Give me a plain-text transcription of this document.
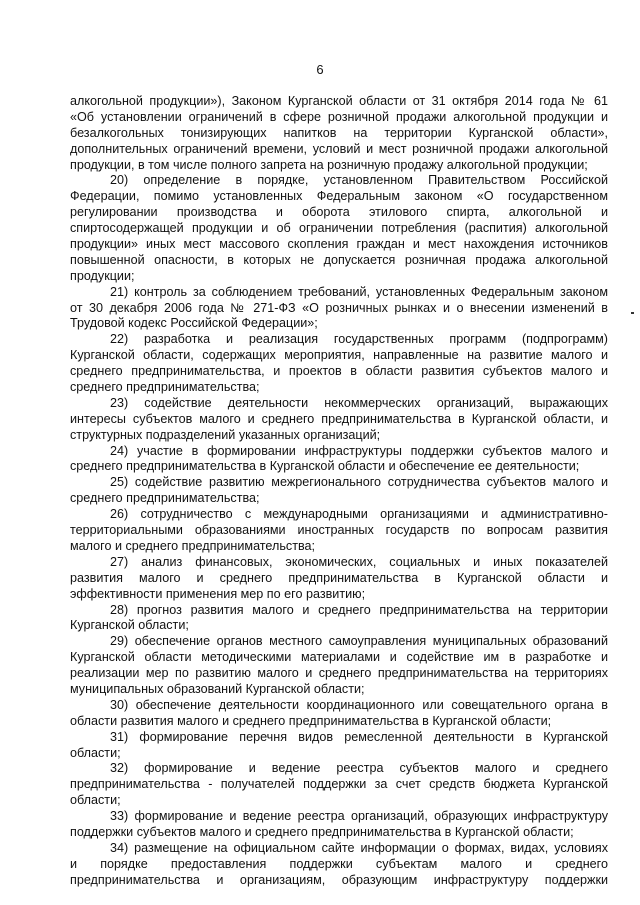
6
алкогольной продукции»), Законом Курганской области от 31 октября 2014 года № 61
«Об установлении ограничений в сфере розничной продажи алкогольной продукции и
безалкогольных тонизирующих напитков на территории Курганской области»,
дополнительных ограничений времени, условий и мест розничной продажи алкогольной
продукции, в том числе полного запрета на розничную продажу алкогольной продукции;
20) определение в порядке, установленном Правительством Российской
Федерации, помимо установленных Федеральным законом «О государственном
регулировании производства и оборота этилового спирта, алкогольной и
спиртосодержащей продукции и об ограничении потребления (распития) алкогольной
продукции» иных мест массового скопления граждан и мест нахождения источников
повышенной опасности, в которых не допускается розничная продажа алкогольной
продукции;
21) контроль за соблюдением требований, установленных Федеральным законом
от 30 декабря 2006 года № 271-ФЗ «О розничных рынках и о внесении изменений в
Трудовой кодекс Российской Федерации»;
22) разработка и реализация государственных программ (подпрограмм)
Курганской области, содержащих мероприятия, направленные на развитие малого и
среднего предпринимательства, и проектов в области развития субъектов малого и
среднего предпринимательства;
23) содействие деятельности некоммерческих организаций, выражающих
интересы субъектов малого и среднего предпринимательства в Курганской области, и
структурных подразделений указанных организаций;
24) участие в формировании инфраструктуры поддержки субъектов малого и
среднего предпринимательства в Курганской области и обеспечение ее деятельности;
25) содействие развитию межрегионального сотрудничества субъектов малого и
среднего предпринимательства;
26) сотрудничество с международными организациями и административно-
территориальными образованиями иностранных государств по вопросам развития
малого и среднего предпринимательства;
27) анализ финансовых, экономических, социальных и иных показателей
развития малого и среднего предпринимательства в Курганской области и
эффективности применения мер по его развитию;
28) прогноз развития малого и среднего предпринимательства на территории
Курганской области;
29) обеспечение органов местного самоуправления муниципальных образований
Курганской области методическими материалами и содействие им в разработке и
реализации мер по развитию малого и среднего предпринимательства на территориях
муниципальных образований Курганской области;
30) обеспечение деятельности координационного или совещательного органа в
области развития малого и среднего предпринимательства в Курганской области;
31) формирование перечня видов ремесленной деятельности в Курганской
области;
32) формирование и ведение реестра субъектов малого и среднего
предпринимательства - получателей поддержки за счет средств бюджета Курганской
области;
33) формирование и ведение реестра организаций, образующих инфраструктуру
поддержки субъектов малого и среднего предпринимательства в Курганской области;
34) размещение на официальном сайте информации о формах, видах, условиях
и порядке предоставления поддержки субъектам малого и среднего
предпринимательства и организациям, образующим инфраструктуру поддержки
